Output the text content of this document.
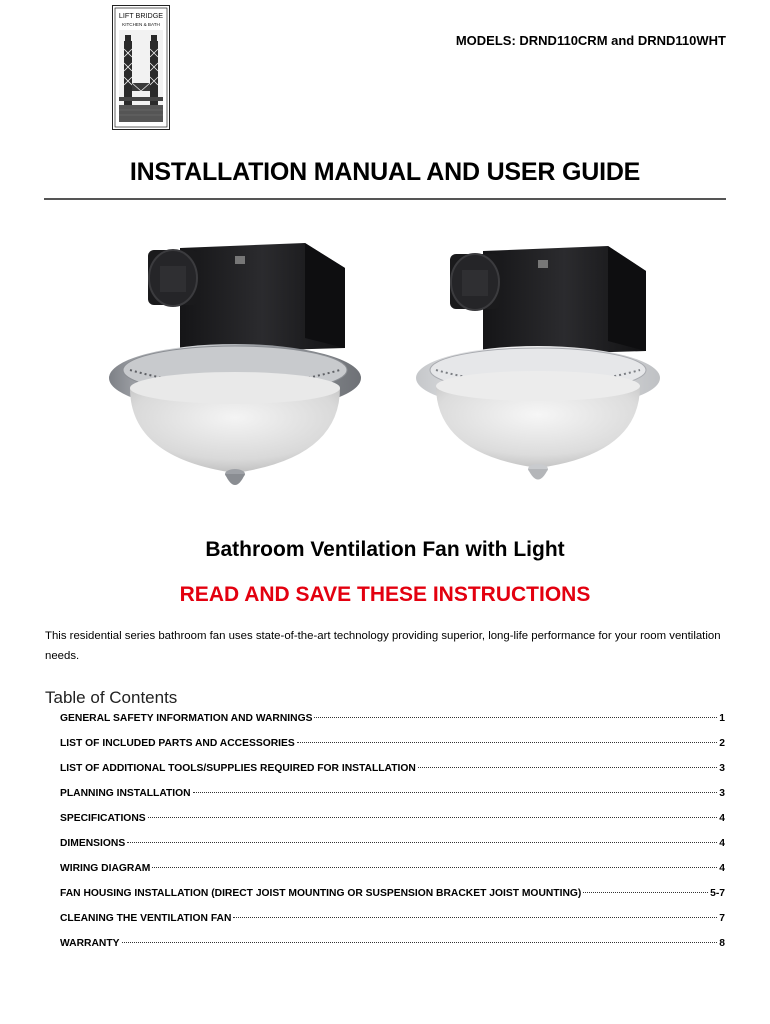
LIFT BRIDGE
KITCHEN & BATH
MODELS: DRND110CRM and DRND110WHT
INSTALLATION MANUAL AND USER GUIDE
Bathroom Ventilation Fan with Light
READ AND SAVE THESE INSTRUCTIONS
This residential series bathroom fan uses state-of-the-art technology providing superior, long-life performance for your room ventilation needs.
Table of Contents
GENERAL SAFETY INFORMATION AND WARNINGS	1
LIST OF INCLUDED PARTS AND ACCESSORIES	2
LIST OF ADDITIONAL TOOLS/SUPPLIES REQUIRED FOR INSTALLATION	3
PLANNING INSTALLATION	3
SPECIFICATIONS	4
DIMENSIONS	4
WIRING DIAGRAM	4
FAN HOUSING INSTALLATION (DIRECT JOIST MOUNTING OR SUSPENSION BRACKET JOIST MOUNTING)	5-7
CLEANING THE VENTILATION FAN	7
WARRANTY	8
